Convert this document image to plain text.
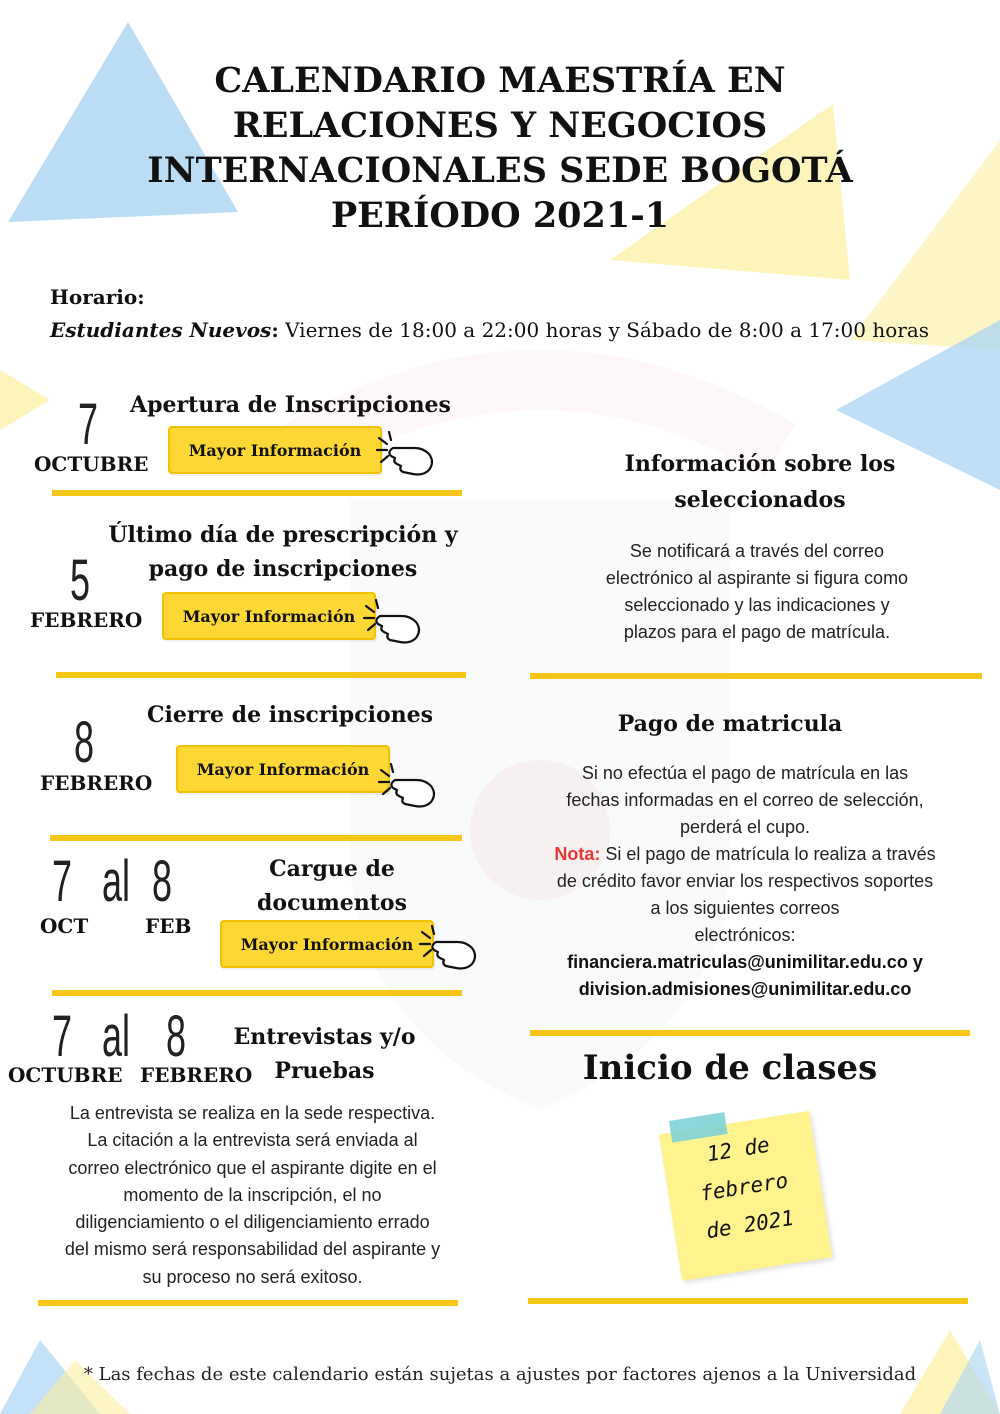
CALENDARIO MAESTRÍA EN
RELACIONES Y NEGOCIOS
INTERNACIONALES SEDE BOGOTÁ
PERÍODO 2021-1
Horario:
Estudiantes Nuevos: Viernes de 18:00 a 22:00 horas y Sábado de 8:00 a 17:00 horas
7
OCTUBRE
Apertura de Inscripciones
Mayor Información
5
FEBRERO
Último día de prescripción y
pago de inscripciones
Mayor Información
8
FEBRERO
Cierre de inscripciones
Mayor Información
7 al 8
OCT	FEB
Cargue de
documentos
Mayor Información
7 al 8
OCTUBRE FEBRERO
Entrevistas y/o
Pruebas
La entrevista se realiza en la sede respectiva.
La citación a la entrevista será enviada al
correo electrónico que el aspirante digite en el
momento de la inscripción, el no
diligenciamiento o el diligenciamiento errado
del mismo será responsabilidad del aspirante y
su proceso no será exitoso.
Información sobre los
seleccionados
Se notificará a través del correo
electrónico al aspirante si figura como
seleccionado y las indicaciones y
plazos para el pago de matrícula.
Pago de matricula
Si no efectúa el pago de matrícula en las
fechas informadas en el correo de selección,
perderá el cupo.
Nota: Si el pago de matrícula lo realiza a través
de crédito favor enviar los respectivos soportes
a los siguientes correos
electrónicos:
financiera.matriculas@unimilitar.edu.co y
division.admisiones@unimilitar.edu.co
Inicio de clases
12 de
febrero
de 2021
* Las fechas de este calendario están sujetas a ajustes por factores ajenos a la Universidad
